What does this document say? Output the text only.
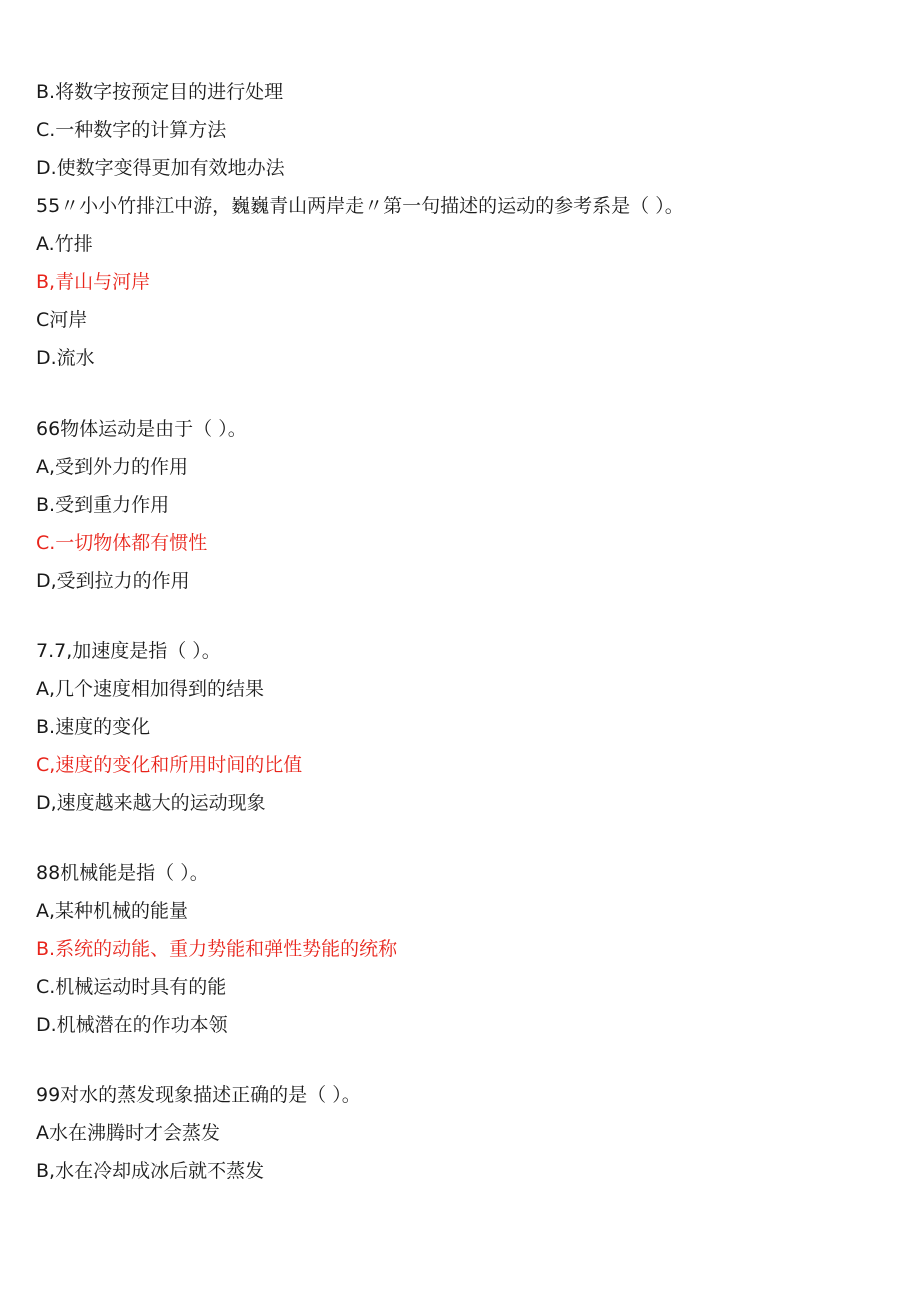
B.将数字按预定目的进行处理
C.一种数字的计算方法
D.使数字变得更加有效地办法
55〃小小竹排江中游，巍巍青山两岸走〃第一句描述的运动的参考系是（ ）。
A.竹排
B,青山与河岸
C河岸
D.流水
66物体运动是由于（ ）。
A,受到外力的作用
B.受到重力作用
C.一切物体都有惯性
D,受到拉力的作用
7.7,加速度是指（ ）。
A,几个速度相加得到的结果
B.速度的变化
C,速度的变化和所用时间的比值
D,速度越来越大的运动现象
88机械能是指（ ）。
A,某种机械的能量
B.系统的动能、重力势能和弹性势能的统称
C.机械运动时具有的能
D.机械潜在的作功本领
99对水的蒸发现象描述正确的是（ ）。
A水在沸腾时才会蒸发
B,水在冷却成冰后就不蒸发
